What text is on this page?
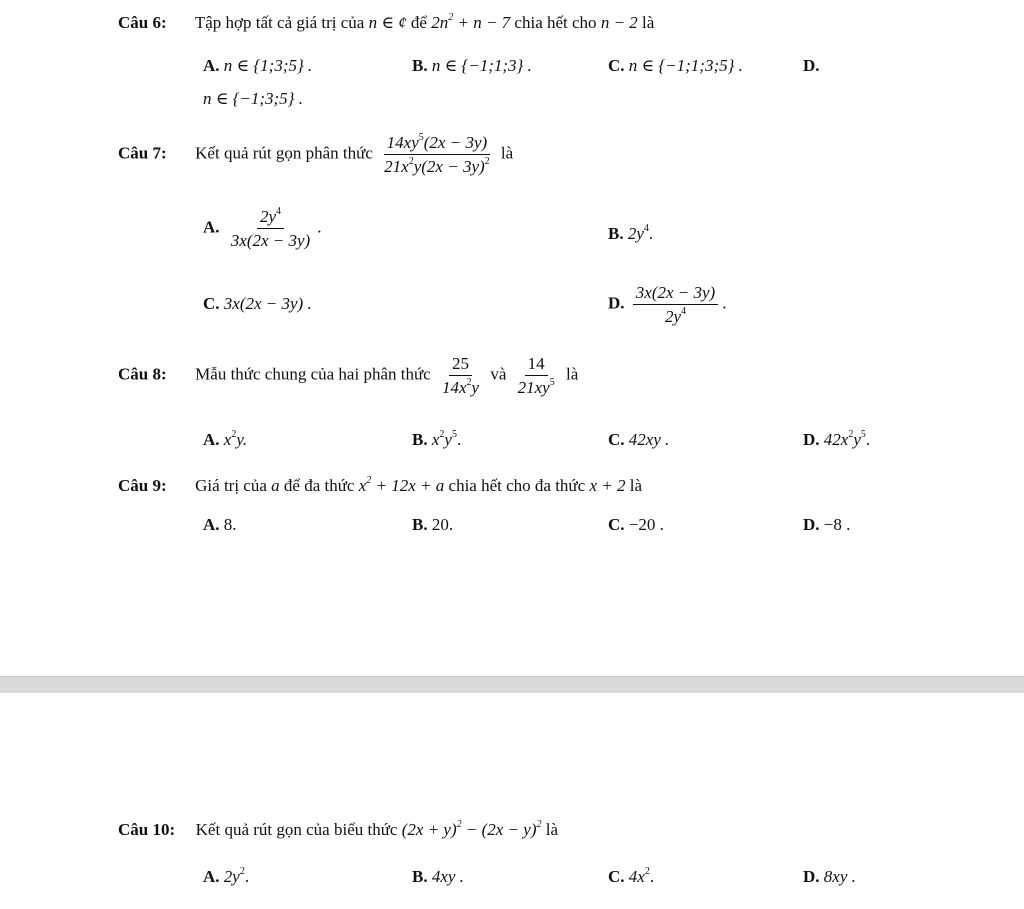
Câu 6: Tập hợp tất cả giá trị của n ∈ ¢ để $2n^2 + n - 7$ chia hết cho n − 2 là
A. n ∈ {1;3;5} .	B. n ∈ {−1;1;3} .	C. n ∈ {−1;1;3;5} .	D.
n ∈ {−1;3;5} .
Câu 7: Kết quả rút gọn phân thức $\frac{14xy^5(2x - 3y)}{21x^2y(2x - 3y)^2}$ là
A. $\frac{2y^4}{3x(2x - 3y)}$ .	B. $2y^4$.
C. 3x(2x − 3y) .	D. $\frac{3x(2x - 3y)}{2y^4}$ .
Câu 8: Mẫu thức chung của hai phân thức $\frac{25}{14x^2y}$ và $\frac{14}{21xy^5}$ là
A. $x^2y$.	B. $x^2y^5$.	C. 42xy .	D. $42x^2y^5$.
Câu 9: Giá trị của a để đa thức $x^2 + 12x + a$ chia hết cho đa thức x + 2 là
A. 8.	B. 20.	C. −20 .	D. −8 .
Câu 10: Kết quả rút gọn của biểu thức $(2x + y)^2 - (2x - y)^2$ là
A. $2y^2$.	B. 4xy .	C. $4x^2$.	D. 8xy .
